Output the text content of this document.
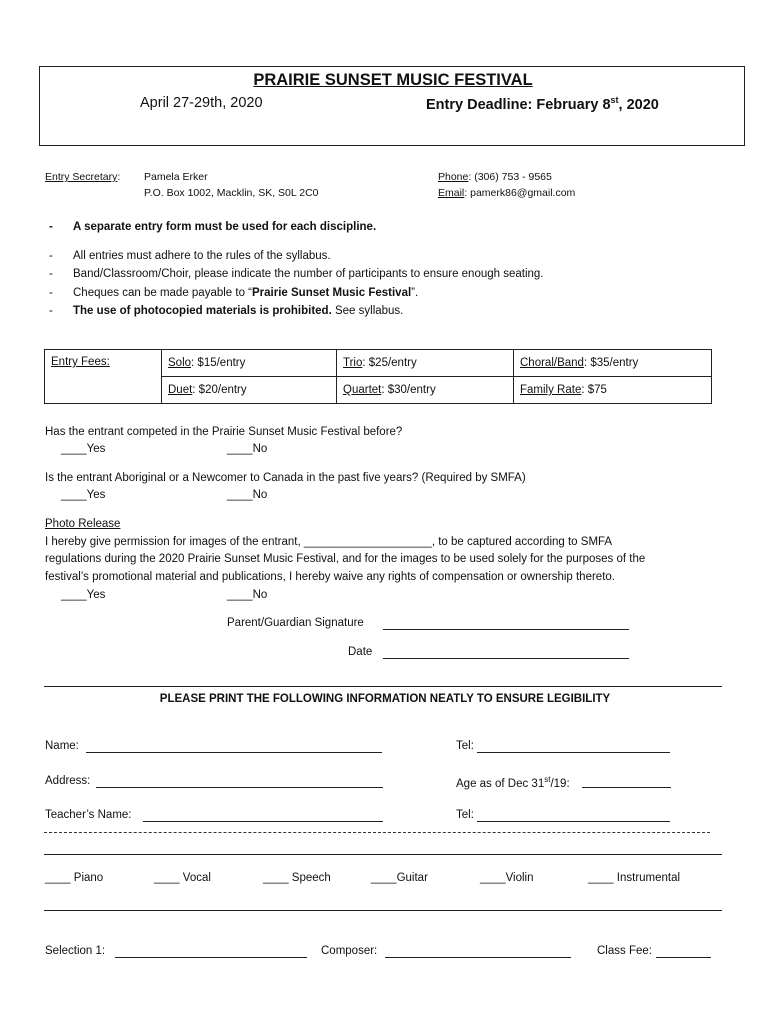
PRAIRIE SUNSET MUSIC FESTIVAL
April 27-29th, 2020	Entry Deadline: February 8st, 2020
Entry Secretary: Pamela Erker
P.O. Box 1002, Macklin, SK, S0L 2C0
Phone: (306) 753 - 9565
Email: pamerk86@gmail.com
- A separate entry form must be used for each discipline.
- All entries must adhere to the rules of the syllabus.
- Band/Classroom/Choir, please indicate the number of participants to ensure enough seating.
- Cheques can be made payable to “Prairie Sunset Music Festival”.
- The use of photocopied materials is prohibited. See syllabus.
Entry Fees:	Solo: $15/entry	Trio: $25/entry	Choral/Band: $35/entry
	Duet: $20/entry	Quartet: $30/entry	Family Rate: $75
Has the entrant competed in the Prairie Sunset Music Festival before?
____Yes	____No
Is the entrant Aboriginal or a Newcomer to Canada in the past five years? (Required by SMFA)
____Yes	____No
Photo Release
I hereby give permission for images of the entrant, ____________________, to be captured according to SMFA
regulations during the 2020 Prairie Sunset Music Festival, and for the images to be used solely for the purposes of the
festival’s promotional material and publications, I hereby waive any rights of compensation or ownership thereto.
____Yes	____No
Parent/Guardian Signature
Date
PLEASE PRINT THE FOLLOWING INFORMATION NEATLY TO ENSURE LEGIBILITY
Name:	Tel:
Address:	Age as of Dec 31st/19:
Teacher’s Name:	Tel:
____ Piano	____ Vocal	____ Speech	____Guitar	____Violin	____ Instrumental
Selection 1:	Composer:	Class Fee:
